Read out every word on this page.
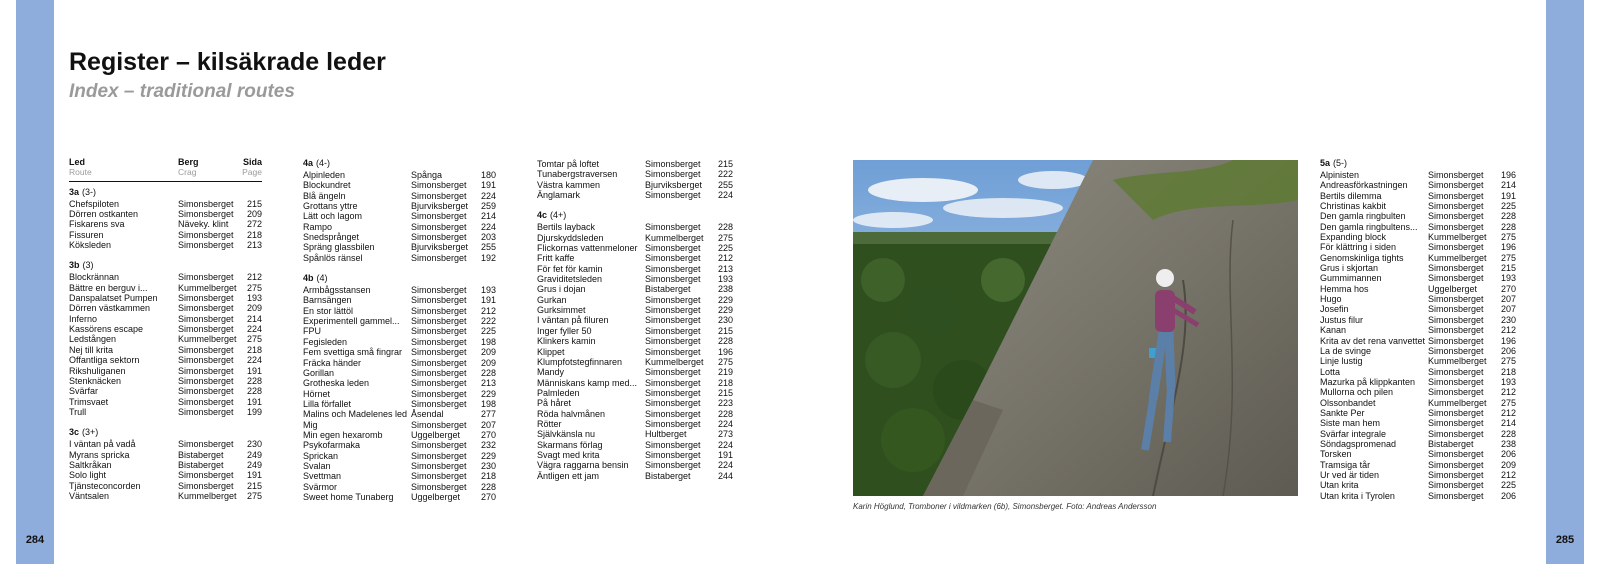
284	285
Register – kilsäkrade leder
Index – traditional routes
Led	Berg	Sida
Route	Crag	Page
3a (3-)
Chefspiloten	Simonsberget	215
Dörren ostkanten	Simonsberget	209
Fiskarens sva	Näveky. klint	272
Fissuren	Simonsberget	218
Köksleden	Simonsberget	213
3b (3)
Blockrännan	Simonsberget	212
Bättre en berguv i...	Kummelberget	275
Danspalatset Pumpen	Simonsberget	193
Dörren västkammen	Simonsberget	209
Inferno	Simonsberget	214
Kassörens escape	Simonsberget	224
Ledstången	Kummelberget	275
Nej till krita	Simonsberget	218
Offantliga sektorn	Simonsberget	224
Rikshuliganen	Simonsberget	191
Stenknäcken	Simonsberget	228
Svärfar	Simonsberget	228
Trimsvaet	Simonsberget	191
Trull	Simonsberget	199
3c (3+)
I väntan på vadå	Simonsberget	230
Myrans spricka	Bistaberget	249
Saltkråkan	Bistaberget	249
Solo light	Simonsberget	191
Tjänsteconcorden	Simonsberget	215
Väntsalen	Kummelberget	275
4a (4-)
Alpinleden	Spånga	180
Blockundret	Simonsberget	191
Blå ängeln	Simonsberget	224
Grottans yttre	Bjurviksberget	259
Lätt och lagom	Simonsberget	214
Rampo	Simonsberget	224
Snedsprånget	Simonsberget	203
Spräng glassbilen	Bjurviksberget	255
Spånlös ränsel	Simonsberget	192
4b (4)
Armbågsstansen	Simonsberget	193
Barnsängen	Simonsberget	191
En stor lättöl	Simonsberget	212
Experimentell gammel...	Simonsberget	222
FPU	Simonsberget	225
Fegisleden	Simonsberget	198
Fem svettiga små fingrar Simonsberget	209
Fräcka händer	Simonsberget	209
Gorillan	Simonsberget	228
Grotheska leden	Simonsberget	213
Hörnet	Simonsberget	229
Lilla förfallet	Simonsberget	198
Malins och Madelenes led Åsendal	277
Mig	Simonsberget	207
Min egen hexaromb	Uggelberget	270
Psykofarmaka	Simonsberget	232
Sprickan	Simonsberget	229
Svalan	Simonsberget	230
Svettman	Simonsberget	218
Svärmor	Simonsberget	228
Sweet home Tunaberg	Uggelberget	270
Tomtar på loftet	Simonsberget	215
Tunabergstraversen	Simonsberget	222
Västra kammen	Bjurviksberget	255
Änglamark	Simonsberget	224
4c (4+)
Bertils layback	Simonsberget	228
Djurskyddsleden	Kummelberget	275
Flickornas vattenmeloner Simonsberget	225
Fritt kaffe	Simonsberget	212
För fet för kamin	Simonsberget	213
Graviditetsleden	Simonsberget	193
Grus i dojan	Bistaberget	238
Gurkan	Simonsberget	229
Gurksimmet	Simonsberget	229
I väntan på filuren	Simonsberget	230
Inger fyller 50	Simonsberget	215
Klinkers kamin	Simonsberget	228
Klippet	Simonsberget	196
Klumpfotstegfinnaren	Kummelberget	275
Mandy	Simonsberget	219
Människans kamp med... Simonsberget	218
Palmleden	Simonsberget	215
På håret	Simonsberget	223
Röda halvmånen	Simonsberget	228
Rötter	Simonsberget	224
Självkänsla nu	Hultberget	273
Skarmans förlag	Simonsberget	224
Svagt med krita	Simonsberget	191
Vägra raggarna bensin	Simonsberget	224
Äntligen ett jam	Bistaberget	244
Karin Höglund, Tromboner i vildmarken (6b), Simonsberget. Foto: Andreas Andersson
5a (5-)
Alpinisten	Simonsberget	196
Andreasförkastningen	Simonsberget	214
Bertils dilemma	Simonsberget	191
Christinas kakbit	Simonsberget	225
Den gamla ringbulten	Simonsberget	228
Den gamla ringbultens...	Simonsberget	228
Expanding block	Kummelberget	275
För klättring i siden	Simonsberget	196
Genomskinliga tights	Kummelberget	275
Grus i skjortan	Simonsberget	215
Gummimannen	Simonsberget	193
Hemma hos	Uggelberget	270
Hugo	Simonsberget	207
Josefin	Simonsberget	207
Justus filur	Simonsberget	230
Kanan	Simonsberget	212
Krita av det rena vanvettet Simonsberget	196
La de svinge	Simonsberget	206
Linje lustig	Kummelberget	275
Lotta	Simonsberget	218
Mazurka på klippkanten	Simonsberget	193
Mullorna och pilen	Simonsberget	212
Olssonbandet	Kummelberget	275
Sankte Per	Simonsberget	212
Siste man hem	Simonsberget	214
Svärfar integrale	Simonsberget	228
Söndagspromenad	Bistaberget	238
Torsken	Simonsberget	206
Tramsiga tår	Simonsberget	209
Ur ved är tiden	Simonsberget	212
Utan krita	Simonsberget	225
Utan krita i Tyrolen	Simonsberget	206
